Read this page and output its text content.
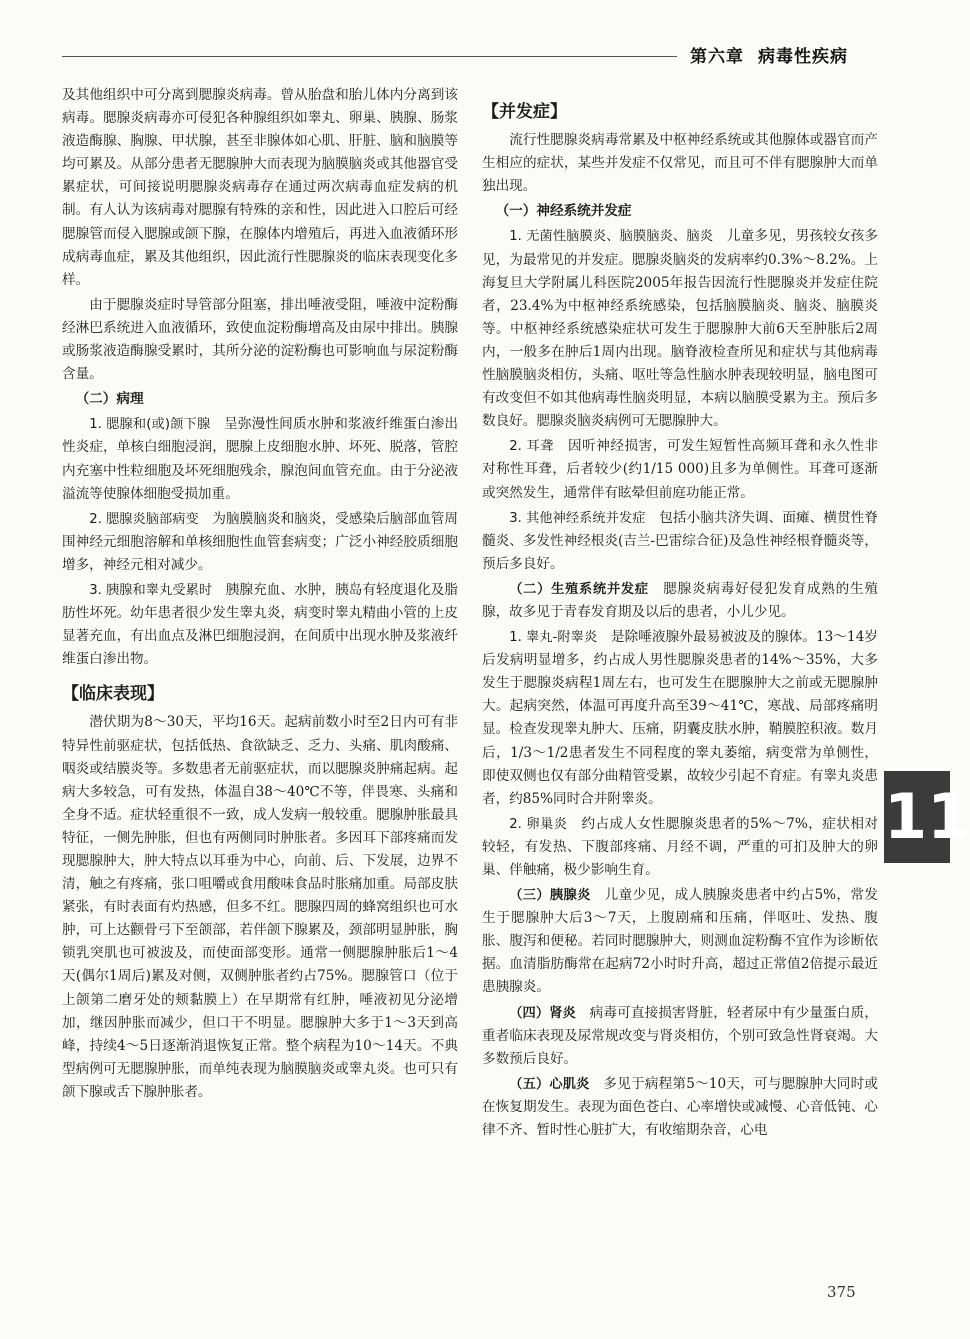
第六章 病毒性疾病

及其他组织中可分离到腮腺炎病毒。曾从胎盘和胎儿体内分离到该病毒。腮腺炎病毒亦可侵犯各种腺组织如睾丸、卵巢、胰腺、肠浆液造酶腺、胸腺、甲状腺，甚至非腺体如心肌、肝脏、脑和脑膜等均可累及。从部分患者无腮腺肿大而表现为脑膜脑炎或其他器官受累症状，可间接说明腮腺炎病毒存在通过两次病毒血症发病的机制。有人认为该病毒对腮腺有特殊的亲和性，因此进入口腔后可经腮腺管而侵入腮腺或颌下腺，在腺体内增殖后，再进入血液循环形成病毒血症，累及其他组织，因此流行性腮腺炎的临床表现变化多样。

由于腮腺炎症时导管部分阻塞，排出唾液受阻，唾液中淀粉酶经淋巴系统进入血液循环，致使血淀粉酶增高及由尿中排出。胰腺或肠浆液造酶腺受累时，其所分泌的淀粉酶也可影响血与尿淀粉酶含量。

（二）病理

1. 腮腺和(或)颌下腺　 呈弥漫性间质水肿和浆液纤维蛋白渗出性炎症，单核白细胞浸润，腮腺上皮细胞水肿、坏死、脱落，管腔内充塞中性粒细胞及坏死细胞残余，腺泡间血管充血。由于分泌液溢流等使腺体细胞受损加重。

2. 腮腺炎脑部病变　 为脑膜脑炎和脑炎，受感染后脑部血管周围神经元细胞溶解和单核细胞性血管套病变；广泛小神经胶质细胞增多，神经元相对减少。

3. 胰腺和睾丸受累时　 胰腺充血、水肿，胰岛有轻度退化及脂肪性坏死。幼年患者很少发生睾丸炎，病变时睾丸精曲小管的上皮显著充血，有出血点及淋巴细胞浸润，在间质中出现水肿及浆液纤维蛋白渗出物。

【临床表现】

潜伏期为8～30天，平均16天。起病前数小时至2日内可有非特异性前驱症状，包括低热、食欲缺乏、乏力、头痛、肌肉酸痛、咽炎或结膜炎等。多数患者无前驱症状，而以腮腺炎肿痛起病。起病大多较急，可有发热，体温自38～40℃不等，伴畏寒、头痛和全身不适。症状轻重很不一致，成人发病一般较重。腮腺肿胀最具特征，一侧先肿胀，但也有两侧同时肿胀者。多因耳下部疼痛而发现腮腺肿大，肿大特点以耳垂为中心，向前、后、下发展，边界不清，触之有疼痛，张口咀嚼或食用酸味食品时胀痛加重。局部皮肤紧张，有时表面有灼热感，但多不红。腮腺四周的蜂窝组织也可水肿，可上达颧骨弓下至颌部，若伴颌下腺累及，颈部明显肿胀，胸锁乳突肌也可被波及，而使面部变形。通常一侧腮腺肿胀后1～4天(偶尔1周后)累及对侧，双侧肿胀者约占75%。腮腺管口（位于上颌第二磨牙处的颊黏膜上）在早期常有红肿，唾液初见分泌增加，继因肿胀而减少，但口干不明显。腮腺肿大多于1～3天到高峰，持续4～5日逐渐消退恢复正常。整个病程为10～14天。不典型病例可无腮腺肿胀，而单纯表现为脑膜脑炎或睾丸炎。也可只有颌下腺或舌下腺肿胀者。

【并发症】

流行性腮腺炎病毒常累及中枢神经系统或其他腺体或器官而产生相应的症状，某些并发症不仅常见，而且可不伴有腮腺肿大而单独出现。

（一）神经系统并发症

1. 无菌性脑膜炎、脑膜脑炎、脑炎　 儿童多见，男孩较女孩多见，为最常见的并发症。腮腺炎脑炎的发病率约0.3%～8.2%。上海复旦大学附属儿科医院2005年报告因流行性腮腺炎并发症住院者，23.4%为中枢神经系统感染，包括脑膜脑炎、脑炎、脑膜炎等。中枢神经系统感染症状可发生于腮腺肿大前6天至肿胀后2周内，一般多在肿后1周内出现。脑脊液检查所见和症状与其他病毒性脑膜脑炎相仿，头痛、呕吐等急性脑水肿表现较明显，脑电图可有改变但不如其他病毒性脑炎明显，本病以脑膜受累为主。预后多数良好。腮腺炎脑炎病例可无腮腺肿大。

2. 耳聋　 因听神经损害，可发生短暂性高频耳聋和永久性非对称性耳聋，后者较少(约1/15 000)且多为单侧性。耳聋可逐渐或突然发生，通常伴有眩晕但前庭功能正常。

3. 其他神经系统并发症　 包括小脑共济失调、面瘫、横贯性脊髓炎、多发性神经根炎(吉兰-巴雷综合征)及急性神经根脊髓炎等，预后多良好。

（二）生殖系统并发症　 腮腺炎病毒好侵犯发育成熟的生殖腺，故多见于青春发育期及以后的患者，小儿少见。

1. 睾丸-附睾炎　 是除唾液腺外最易被波及的腺体。13～14岁后发病明显增多，约占成人男性腮腺炎患者的14%～35%，大多发生于腮腺炎病程1周左右，也可发生在腮腺肿大之前或无腮腺肿大。起病突然，体温可再度升高至39～41℃，寒战、局部疼痛明显。检查发现睾丸肿大、压痛，阴囊皮肤水肿，鞘膜腔积液。数月后，1/3～1/2患者发生不同程度的睾丸萎缩，病变常为单侧性，即使双侧也仅有部分曲精管受累，故较少引起不育症。有睾丸炎患者，约85%同时合并附睾炎。

2. 卵巢炎　 约占成人女性腮腺炎患者的5%～7%，症状相对较轻，有发热、下腹部疼痛、月经不调，严重的可扪及肿大的卵巢、伴触痛，极少影响生育。

（三）胰腺炎　 儿童少见，成人胰腺炎患者中约占5%，常发生于腮腺肿大后3～7天，上腹剧痛和压痛，伴呕吐、发热、腹胀、腹泻和便秘。若同时腮腺肿大，则测血淀粉酶不宜作为诊断依据。血清脂肪酶常在起病72小时时升高，超过正常值2倍提示最近患胰腺炎。

（四）肾炎　 病毒可直接损害肾脏，轻者尿中有少量蛋白质，重者临床表现及尿常规改变与肾炎相仿，个别可致急性肾衰竭。大多数预后良好。

（五）心肌炎　 多见于病程第5～10天，可与腮腺肿大同时或在恢复期发生。表现为面色苍白、心率增快或减慢、心音低钝、心律不齐、暂时性心脏扩大，有收缩期杂音，心电

11
375
